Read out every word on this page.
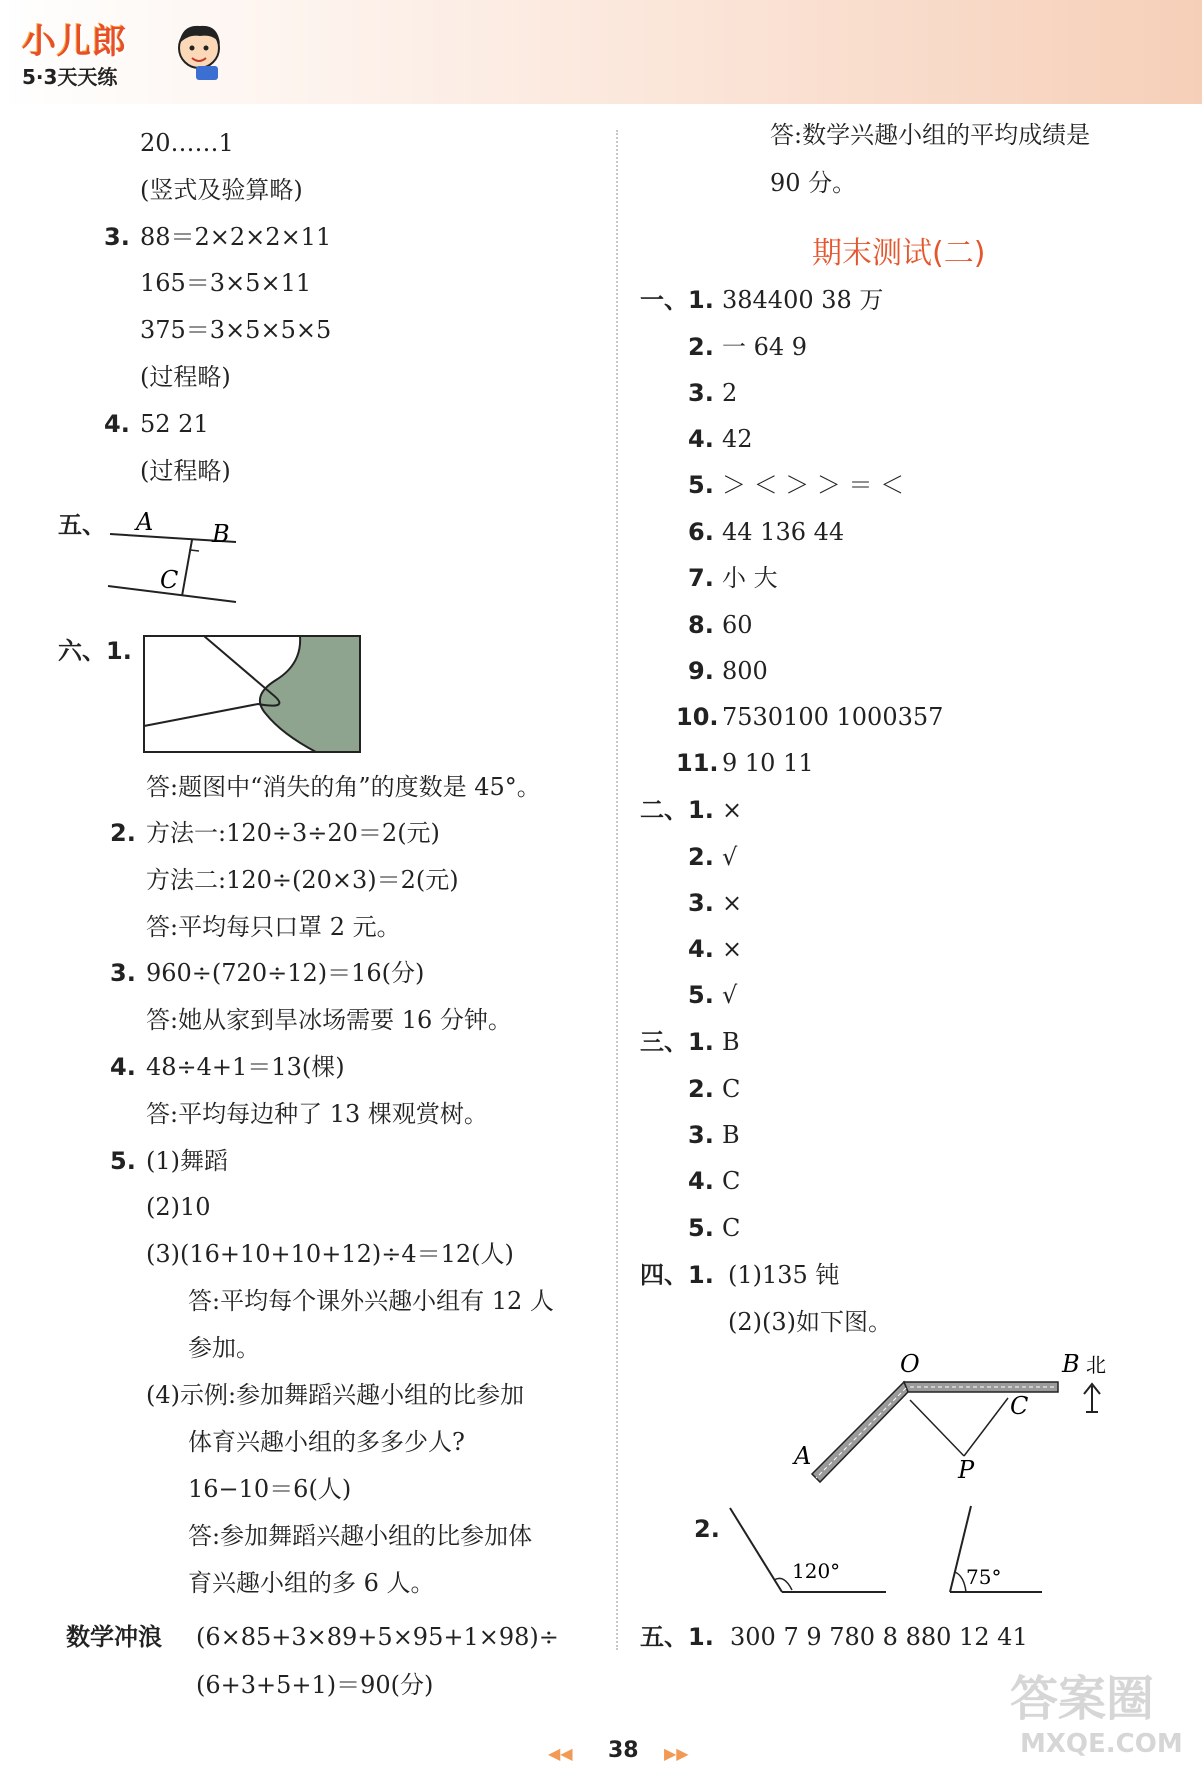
小儿郎
5·3天天练
20……1
(竖式及验算略)
3. 88＝2×2×2×11
165＝3×5×11
375＝3×5×5×5
(过程略)
4. 52 21
(过程略)
五、 A B
C
六、1.
答:题图中“消失的角”的度数是 45°。
2. 方法一:120÷3÷20＝2(元)
方法二:120÷(20×3)＝2(元)
答:平均每只口罩 2 元。
3. 960÷(720÷12)＝16(分)
答:她从家到旱冰场需要 16 分钟。
4. 48÷4+1＝13(棵)
答:平均每边种了 13 棵观赏树。
5. (1)舞蹈
(2)10
(3)(16+10+10+12)÷4＝12(人)
答:平均每个课外兴趣小组有 12 人
参加。
(4)示例:参加舞蹈兴趣小组的比参加
体育兴趣小组的多多少人?
16−10＝6(人)
答:参加舞蹈兴趣小组的比参加体
育兴趣小组的多 6 人。
数学冲浪 (6×85+3×89+5×95+1×98)÷
(6+3+5+1)＝90(分)
答:数学兴趣小组的平均成绩是
90 分。
期末测试(二)
一、1. 384400 38 万
2. 一 64 9
3. 2
4. 42
5. ＞ ＜ ＞ ＞ ＝ ＜
6. 44 136 44
7. 小 大
8. 60
9. 800
10. 7530100 1000357
11. 9 10 11
二、1. ×
2. √
3. ×
4. ×
5. √
三、1. B
2. C
3. B
4. C
5. C
四、1. (1)135 钝
(2)(3)如下图。
O	B 北
C
A	P
2.
120°	75°
五、1. 300 7 9 780 8 880 12 41
◀◀ 38 ▶▶
答案圈
MXQE.COM
